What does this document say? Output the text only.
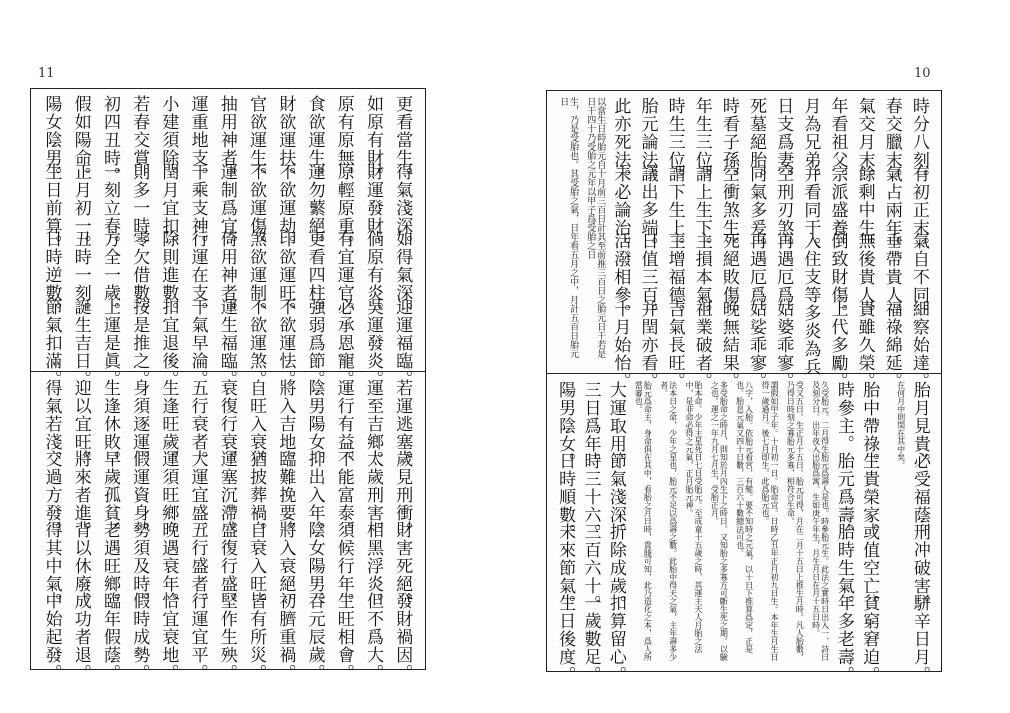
11
更看當生。
得氣淺深。
如得氣深。
迎運福臨。
如原有財。
財運發財。
倘原有炎。
吳運發炎。
原有原無。
原輕原重。
有宜運官。
必承恩寵。
食欲運生。
運勿蘩絕。
更看四柱。
強弱爲節。
財欲運扶。
不欲運劫。
印欲運旺。
不欲運怯。
官欲運生。
不欲運傷。
煞欲運制。
不欲運煞。
抽用神者。
運制爲宜。
倚用神者。
運生福臨。
運重地支。
干乘支神。
行運在支。
干氣早淪。
小建須除。
閏月宜扣。
除則進數。
扣宜退後。
若春交賞。
則多一時。
零欠借數。
按是推之。
初四丑時。
一刻立春。
方全一歲。
上運是眞。
假如陽命。
正月初一。
丑時一刻。
誕生吉日。
陽女陰男。
生日前算。
日時逆數。
節氣扣滿。
若運逃塞。
歲見刑衝。
財害死絕。
發財禍因。
運至吉鄉。
太歲刑害。
相黑浮炎。
但不爲大。
運行有益。
不能富泰。
須候行年。
生旺相會。
陰男陽女。
抑出入年。
陰女陽男。
吞元辰歲。
將入吉地。
臨難挽要。
將入衰絕。
初臍重禍。
自旺入衰。
猶披葬禍。
自衰入旺。
皆有所災。
衰復行衰。
運塞沉滯。
盛復行盛。
堅作生殃。
五行衰者。
大運宜盛。
五行盛者。
行運宜平。
生逢旺歲。
運須旺鄉。
晚遇衰年。
恰宜衰地。
身須逐運。
假運資身。
勢須及時。
假時成勢。
生逢休敗。
早歲孤貧。
老遇旺鄉。
臨年假蔭。
迎以宜旺。
將來者進。
背以休廢。
成功者退。
得氣若淺。
交過方發。
得其中氣。
中始起發。
10
時分八刻。
有初正末。
氣自不同。
細察始達。
春交臘末。
氣占兩年。
垂帶貴人。
福祿綿延。
氣交月末。
餘剩中生。
無後貴人。
貴雖久榮。
年看祖父。
宗派盛養。
倒致財傷。
上代多勵。
月為兄弟。
并看同干。
入住支等多炎為兵
日支爲妻。
空刑刃煞。
再遇厄爲。
姑婆乖寥。
死墓絕胎。
同氣多爰。
再遇厄爲。
姑娑乖寥。
時看子孫。
空衝煞生。
死絕敗傷。
晚無結果。
年生三位。
謂上生下。
主損本氣。
祖業破者。
時生三位。
謂下生上。
主增福德。
吉氣長旺。
胎元論法。
議出多端。
日值三百。
并閏亦看。
此亦死法。
未必論治。
活潑相參。
十月始怡。
以當生日時胎元自十月前三百日計其至前推三百日之胎元日干若是日干四十乃受胎之元年以甲子爲受胎之日
生，乃是受胎也。其受胎之氣，日年看五月之中，月計五百日胎元日
胎月見貴。
必受福蔭。
刑冲破害。
駢辛日月。
在何月中則閏在其中矣。
胎中帶祿。
生貴榮家。
或值空亡。
貧窮窘迫。
時參主。
胎元爲壽。
胎時生氣。
年多老壽。
久受胎元。二月得生胎元爲壽人是也。時參胎元生。此法之實時日出入一、詩曰及刻分日。出年夜入出胎爲寓。生如庚午年生，月生月日在月十五日時。
受又五日。生正月十五日。胎元可得，月在二月十五日上推生月時。凡人胎數，乃得日時刻之寡胎元多寡，相符合生命。
謂假如甲子年。十月初一日。胎命宜。日時乙丑年正月初九日生。本年生月生日得一歲過月。後七月即生。此爲胎元也。
八字，入胎。依胎元看宮，有變。要不知時之元氣，以十日下推算爲定，正是也。胎息元氣又四十日數，三百六十數總法可也。
多受胎命之時月，則知於月內生下之時日。又知胎之多寡方可斷生死之期。以驗之也。運之一年九月七月生，受胎正月。
胎本命。少年主星死日七日受胎元。至成童十五歲之時，其運主天人月胎之法中，是非命必得之元氣，正月胎元神。
法本日之命，少年之星也，胎元不足以爲壽之數。此胎中得天之氣，主年壽多少者。
胎元爲命主，身命俱在其中，看胎之月日時，貴賤可知，此乃造化之本，爲人所當審也。
大運取用。
節氣淺深。
折除成歲。
扣算留心。
三日爲年。
時三十六。
三百六十。
一歲數足。
陽男陰女。
日時順數。
未來節氣。
生日後度。
